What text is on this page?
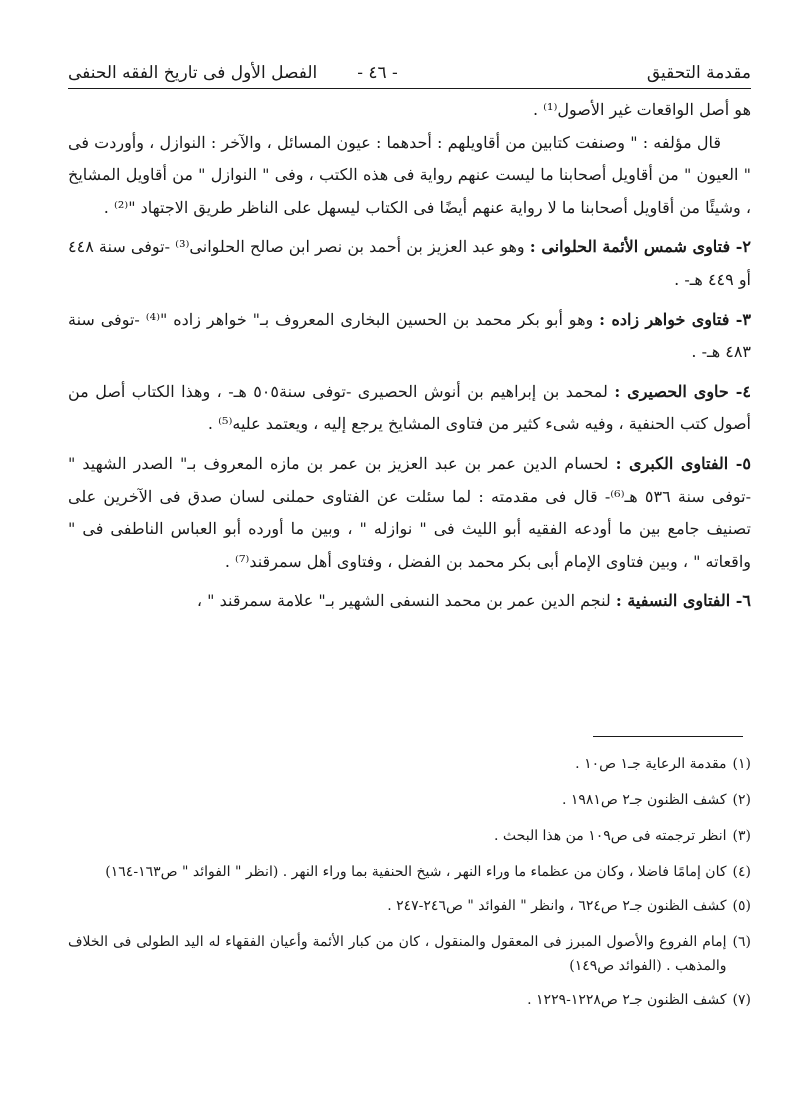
مقدمة التحقيق
- ٤٦ -
الفصل الأول فى تاريخ الفقه الحنفى

هو أصل الواقعات غير الأصول⁽¹⁾ .

قال مؤلفه : " وصنفت كتابين من أقاويلهم : أحدهما : عيون المسائل ، والآخر : النوازل ، وأوردت فى " العيون " من أقاويل أصحابنا ما ليست عنهم رواية فى هذه الكتب ، وفى " النوازل " من أقاويل المشايخ ، وشيئًا من أقاويل أصحابنا ما لا رواية عنهم أيضًا فى الكتاب ليسهل على الناظر طريق الاجتهاد "⁽²⁾ .

٢- فتاوى شمس الأئمة الحلوانى : وهو عبد العزيز بن أحمد بن نصر ابن صالح الحلوانى⁽³⁾ -توفى سنة ٤٤٨ أو ٤٤٩ هـ- .

٣- فتاوى خواهر زاده : وهو أبو بكر محمد بن الحسين البخارى المعروف بـ" خواهر زاده "⁽⁴⁾ -توفى سنة ٤٨٣ هـ- .

٤- حاوى الحصيرى : لمحمد بن إبراهيم بن أنوش الحصيرى -توفى سنة٥٠٥ هـ- ، وهذا الكتاب أصل من أصول كتب الحنفية ، وفيه شىء كثير من فتاوى المشايخ يرجع إليه ، ويعتمد عليه⁽⁵⁾ .

٥- الفتاوى الكبرى : لحسام الدين عمر بن عبد العزيز بن عمر بن مازه المعروف بـ" الصدر الشهيد " -توفى سنة ٥٣٦ هـ⁽⁶⁾- قال فى مقدمته : لما سئلت عن الفتاوى حملنى لسان صدق فى الآخرين على تصنيف جامع بين ما أودعه الفقيه أبو الليث فى " نوازله " ، وبين ما أورده أبو العباس الناطفى فى " واقعاته " ، وبين فتاوى الإمام أبى بكر محمد بن الفضل ، وفتاوى أهل سمرقند⁽⁷⁾ .

٦- الفتاوى النسفية : لنجم الدين عمر بن محمد النسفى الشهير بـ" علامة سمرقند " ،

(١)
مقدمة الرعاية جـ١ ص١٠ .
(٢)
كشف الظنون جـ٢ ص١٩٨١ .
(٣)
انظر ترجمته فى ص١٠٩ من هذا البحث .
(٤)
كان إمامًا فاضلا ، وكان من عظماء ما وراء النهر ، شيخ الحنفية بما وراء النهر . (انظر " الفوائد " ص١٦٣-١٦٤)
(٥)
كشف الظنون جـ٢ ص٦٢٤ ، وانظر " الفوائد " ص٢٤٦-٢٤٧ .
(٦)
إمام الفروع والأصول المبرز فى المعقول والمنقول ، كان من كبار الأئمة وأعيان الفقهاء له اليد الطولى فى الخلاف والمذهب . (الفوائد ص١٤٩)
(٧)
كشف الظنون جـ٢ ص١٢٢٨-١٢٢٩ .
